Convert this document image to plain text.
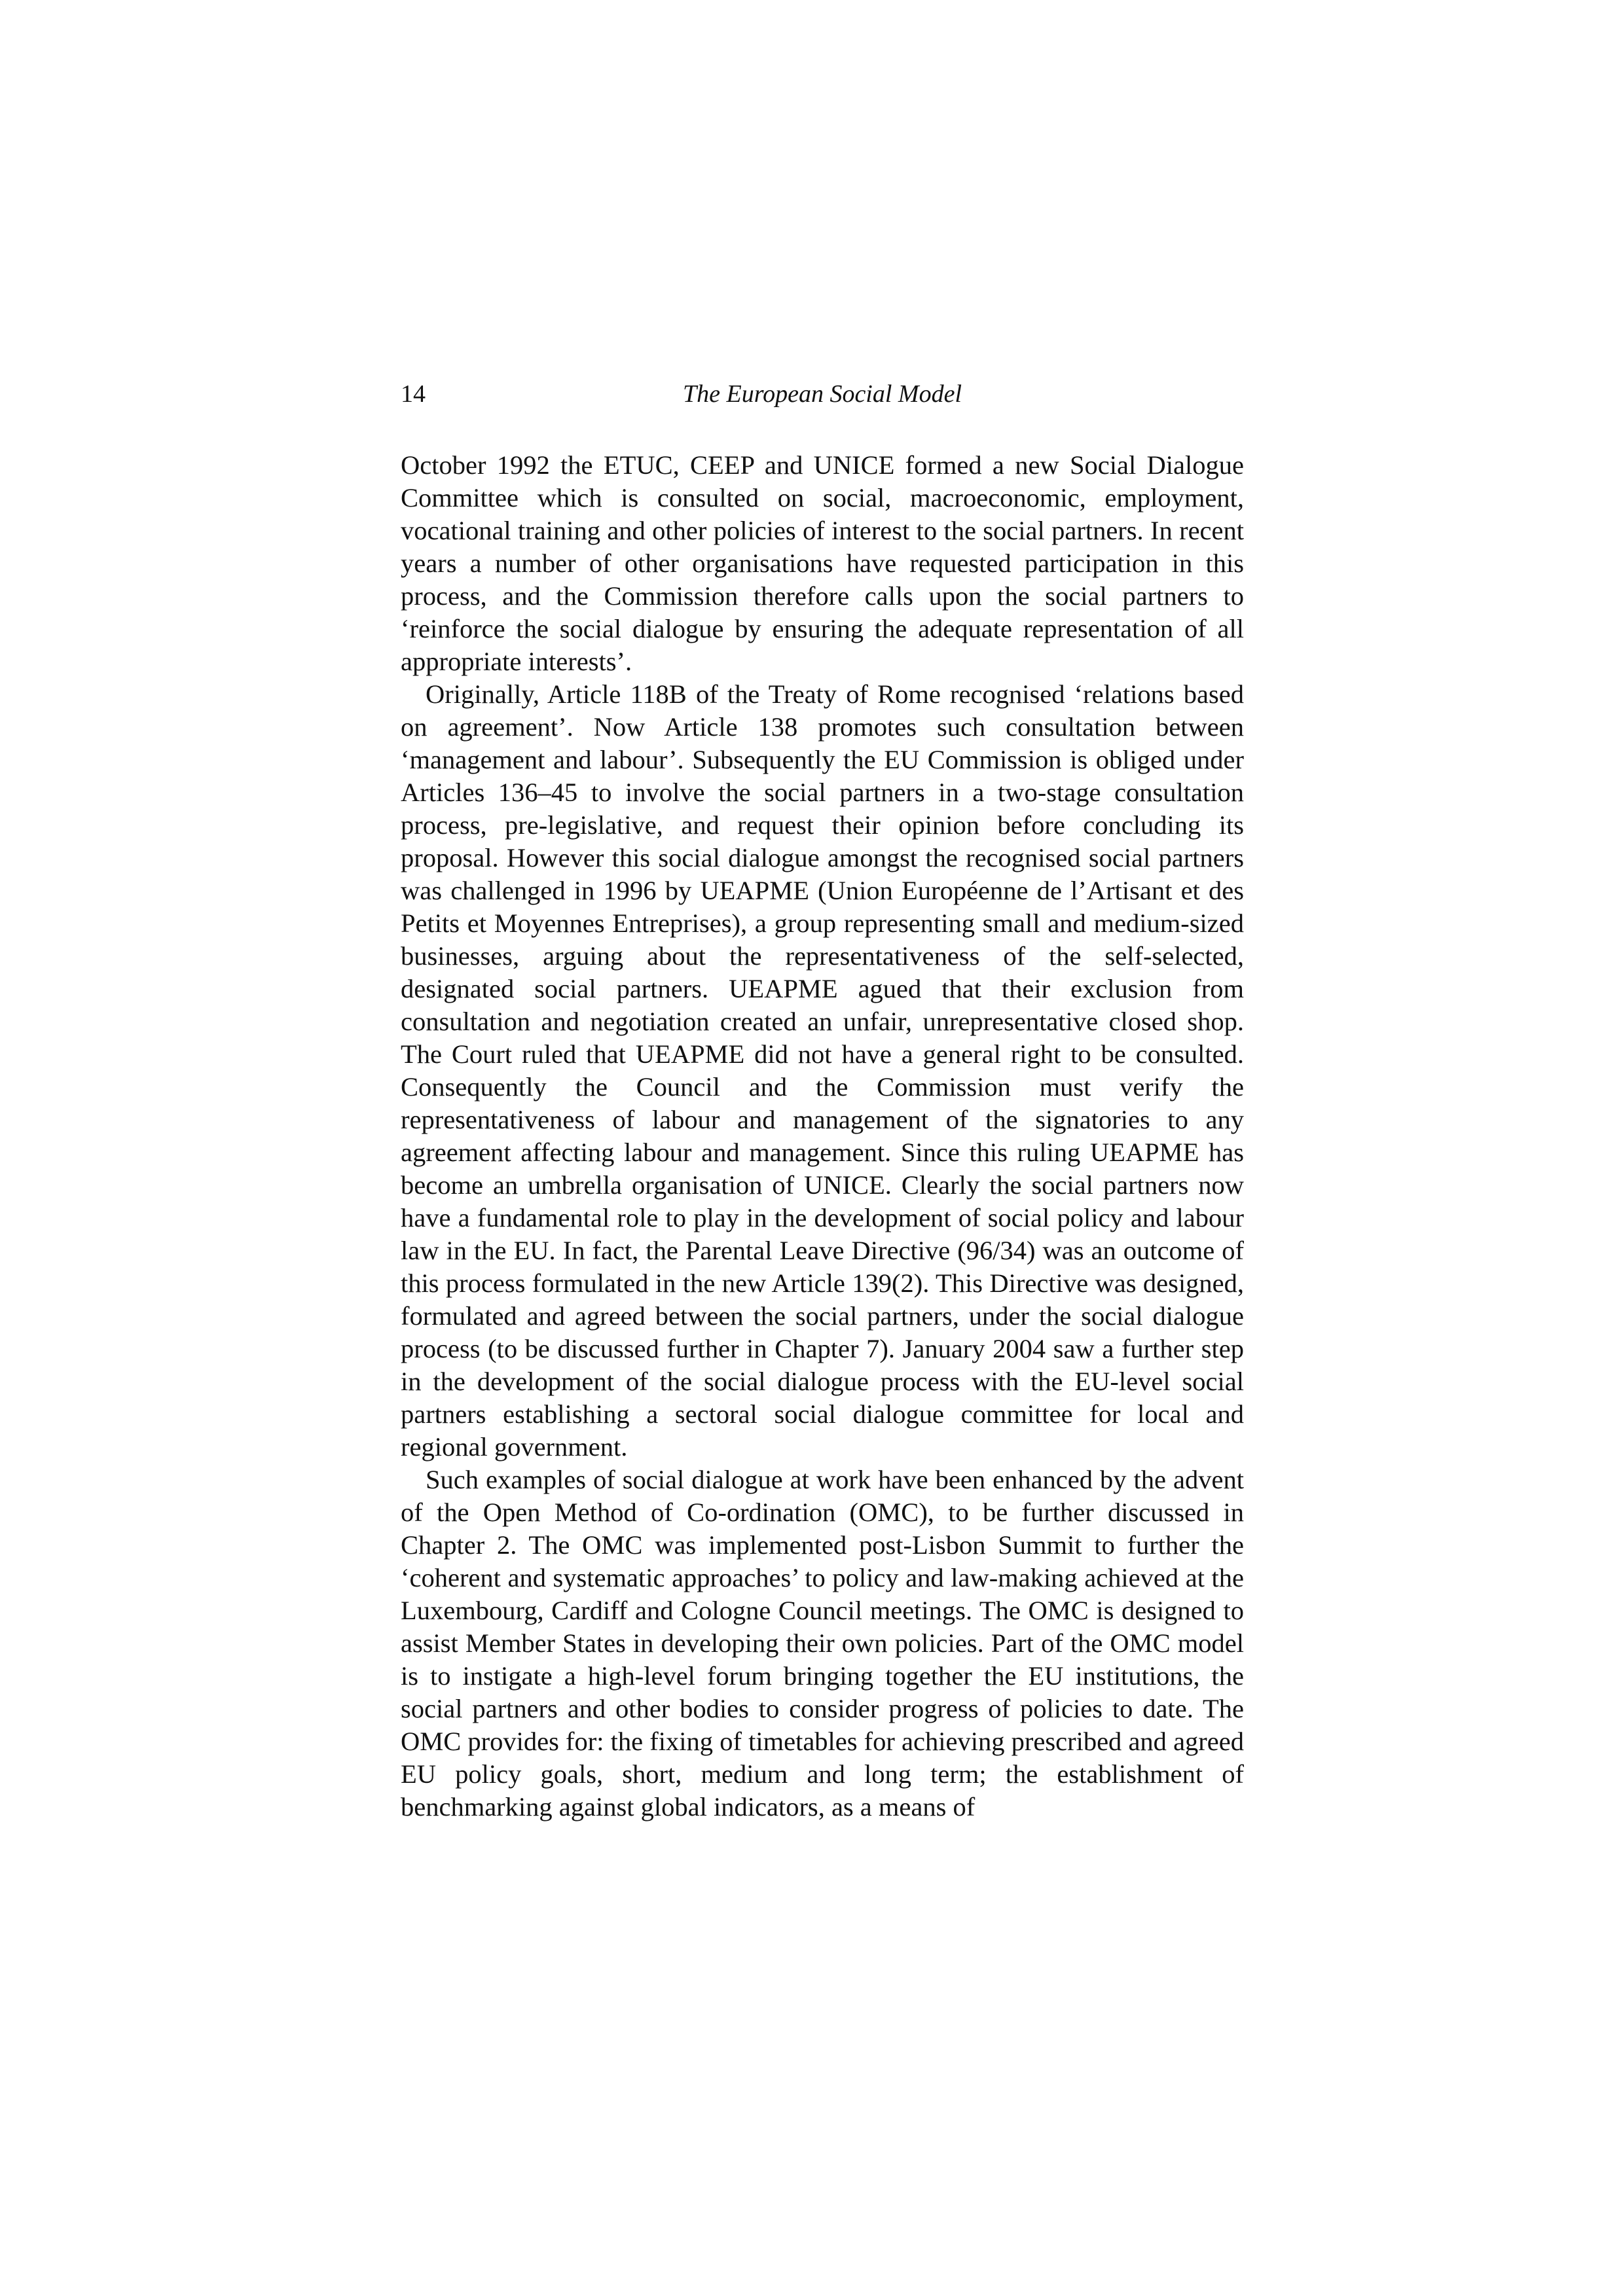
14	The European Social Model

October 1992 the ETUC, CEEP and UNICE formed a new Social Dialogue Committee which is consulted on social, macroeconomic, employment, vocational training and other policies of interest to the social partners. In recent years a number of other organisations have requested participation in this process, and the Commission therefore calls upon the social partners to ‘reinforce the social dialogue by ensuring the adequate representation of all appropriate interests’.

Originally, Article 118B of the Treaty of Rome recognised ‘relations based on agreement’. Now Article 138 promotes such consultation between ‘management and labour’. Subsequently the EU Commission is obliged under Articles 136–45 to involve the social partners in a two-stage consultation process, pre-legislative, and request their opinion before concluding its proposal. However this social dialogue amongst the recognised social partners was challenged in 1996 by UEAPME (Union Européenne de l’Artisant et des Petits et Moyennes Entreprises), a group representing small and medium-sized businesses, arguing about the representativeness of the self-selected, designated social partners. UEAPME agued that their exclusion from consultation and negotiation created an unfair, unrepresentative closed shop. The Court ruled that UEAPME did not have a general right to be consulted. Consequently the Council and the Commission must verify the representativeness of labour and management of the signatories to any agreement affecting labour and management. Since this ruling UEAPME has become an umbrella organisation of UNICE. Clearly the social partners now have a fundamental role to play in the development of social policy and labour law in the EU. In fact, the Parental Leave Directive (96/34) was an outcome of this process formulated in the new Article 139(2). This Directive was designed, formulated and agreed between the social partners, under the social dialogue process (to be discussed further in Chapter 7). January 2004 saw a further step in the development of the social dialogue process with the EU-level social partners establishing a sectoral social dialogue committee for local and regional government.

Such examples of social dialogue at work have been enhanced by the advent of the Open Method of Co-ordination (OMC), to be further discussed in Chapter 2. The OMC was implemented post-Lisbon Summit to further the ‘coherent and systematic approaches’ to policy and law-making achieved at the Luxembourg, Cardiff and Cologne Council meetings. The OMC is designed to assist Member States in developing their own policies. Part of the OMC model is to instigate a high-level forum bringing together the EU institutions, the social partners and other bodies to consider progress of policies to date. The OMC provides for: the fixing of timetables for achieving prescribed and agreed EU policy goals, short, medium and long term; the establishment of benchmarking against global indicators, as a means of
